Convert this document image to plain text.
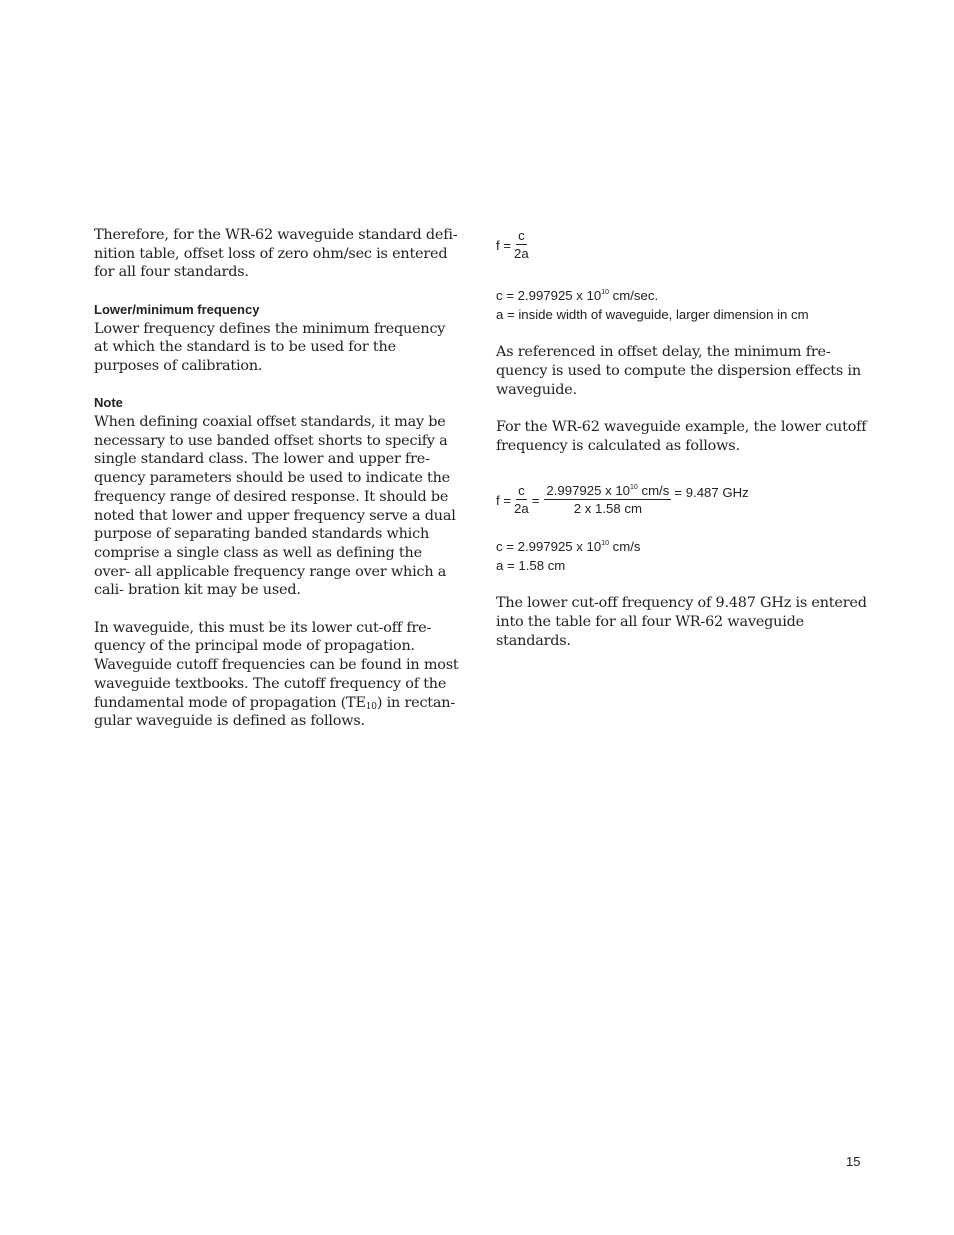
Therefore, for the WR-62 waveguide standard defi- nition table, offset loss of zero ohm/sec is entered for all four standards.

Lower/minimum frequency

Lower frequency defines the minimum frequency at which the standard is to be used for the purposes of calibration.

Note

When defining coaxial offset standards, it may be necessary to use banded offset shorts to specify a single standard class. The lower and upper fre- quency parameters should be used to indicate the frequency range of desired response. It should be noted that lower and upper frequency serve a dual purpose of separating banded standards which comprise a single class as well as defining the over- all applicable frequency range over which a cali- bration kit may be used.

In waveguide, this must be its lower cut-off fre- quency of the principal mode of propagation. Waveguide cutoff frequencies can be found in most waveguide textbooks. The cutoff frequency of the fundamental mode of propagation $(TE_{10})$ in rectan- gular waveguide is defined as follows.

$f = \frac{c}{2a}$

c = 2.997925 x $10^{10}$ cm/sec.

a = inside width of waveguide, larger dimension in cm

As referenced in offset delay, the minimum fre- quency is used to compute the dispersion effects in waveguide.

For the WR-62 waveguide example, the lower cutoff frequency is calculated as follows.

$f = \frac{c}{2a} = \frac{2.997925 x 10^{10} cm/s}{2 x 1.58 cm} = 9.487$ GHz

c = 2.997925 x $10^{10}$ cm/s

a = 1.58 cm

The lower cut-off frequency of 9.487 GHz is entered into the table for all four WR-62 waveguide standards.

15
